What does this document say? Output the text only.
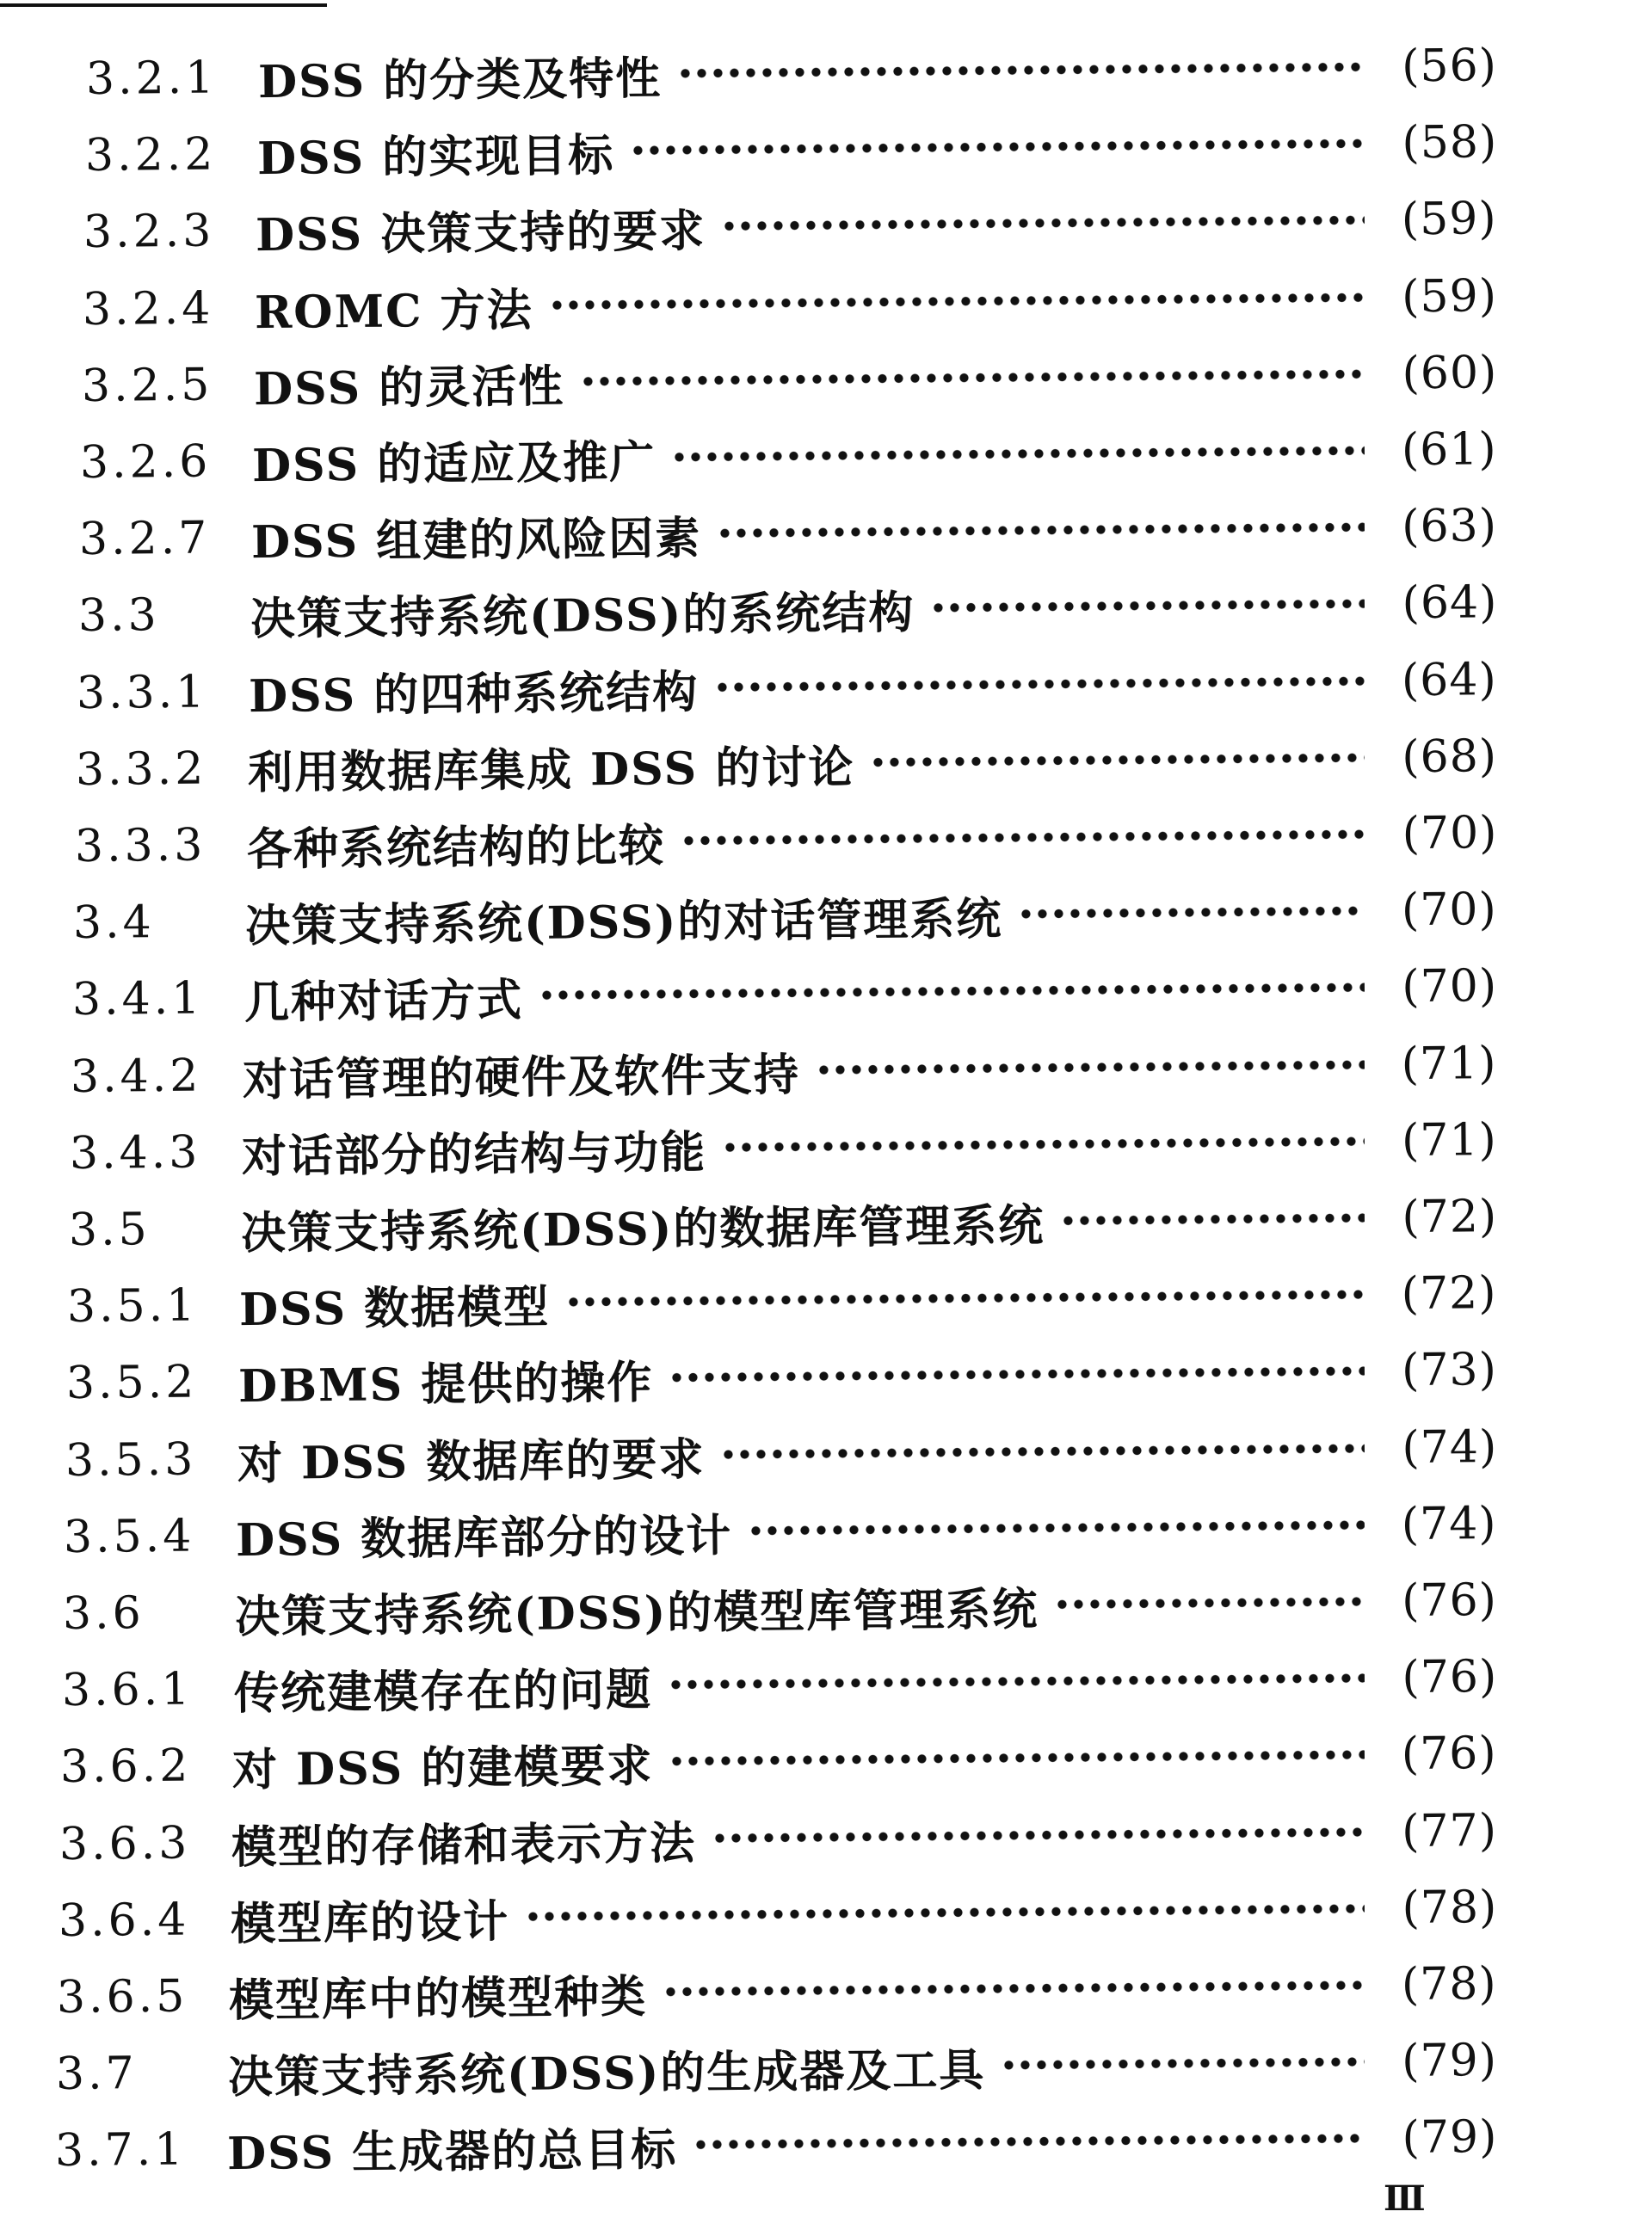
3.2.1 DSS 的分类及特性	(56)
3.2.2 DSS 的实现目标	(58)
3.2.3 DSS 决策支持的要求	(59)
3.2.4 ROMC 方法	(59)
3.2.5 DSS 的灵活性	(60)
3.2.6 DSS 的适应及推广	(61)
3.2.7 DSS 组建的风险因素	(63)
3.3	决策支持系统(DSS)的系统结构	(64)
3.3.1 DSS 的四种系统结构	(64)
3.3.2 利用数据库集成 DSS 的讨论	(68)
3.3.3 各种系统结构的比较	(70)
3.4	决策支持系统(DSS)的对话管理系统	(70)
3.4.1 几种对话方式	(70)
3.4.2 对话管理的硬件及软件支持	(71)
3.4.3 对话部分的结构与功能	(71)
3.5	决策支持系统(DSS)的数据库管理系统	(72)
3.5.1 DSS 数据模型	(72)
3.5.2 DBMS 提供的操作	(73)
3.5.3 对 DSS 数据库的要求	(74)
3.5.4 DSS 数据库部分的设计	(74)
3.6	决策支持系统(DSS)的模型库管理系统	(76)
3.6.1 传统建模存在的问题	(76)
3.6.2 对 DSS 的建模要求	(76)
3.6.3 模型的存储和表示方法	(77)
3.6.4 模型库的设计	(78)
3.6.5 模型库中的模型种类	(78)
3.7	决策支持系统(DSS)的生成器及工具	(79)
3.7.1 DSS 生成器的总目标	(79)
Ⅲ
